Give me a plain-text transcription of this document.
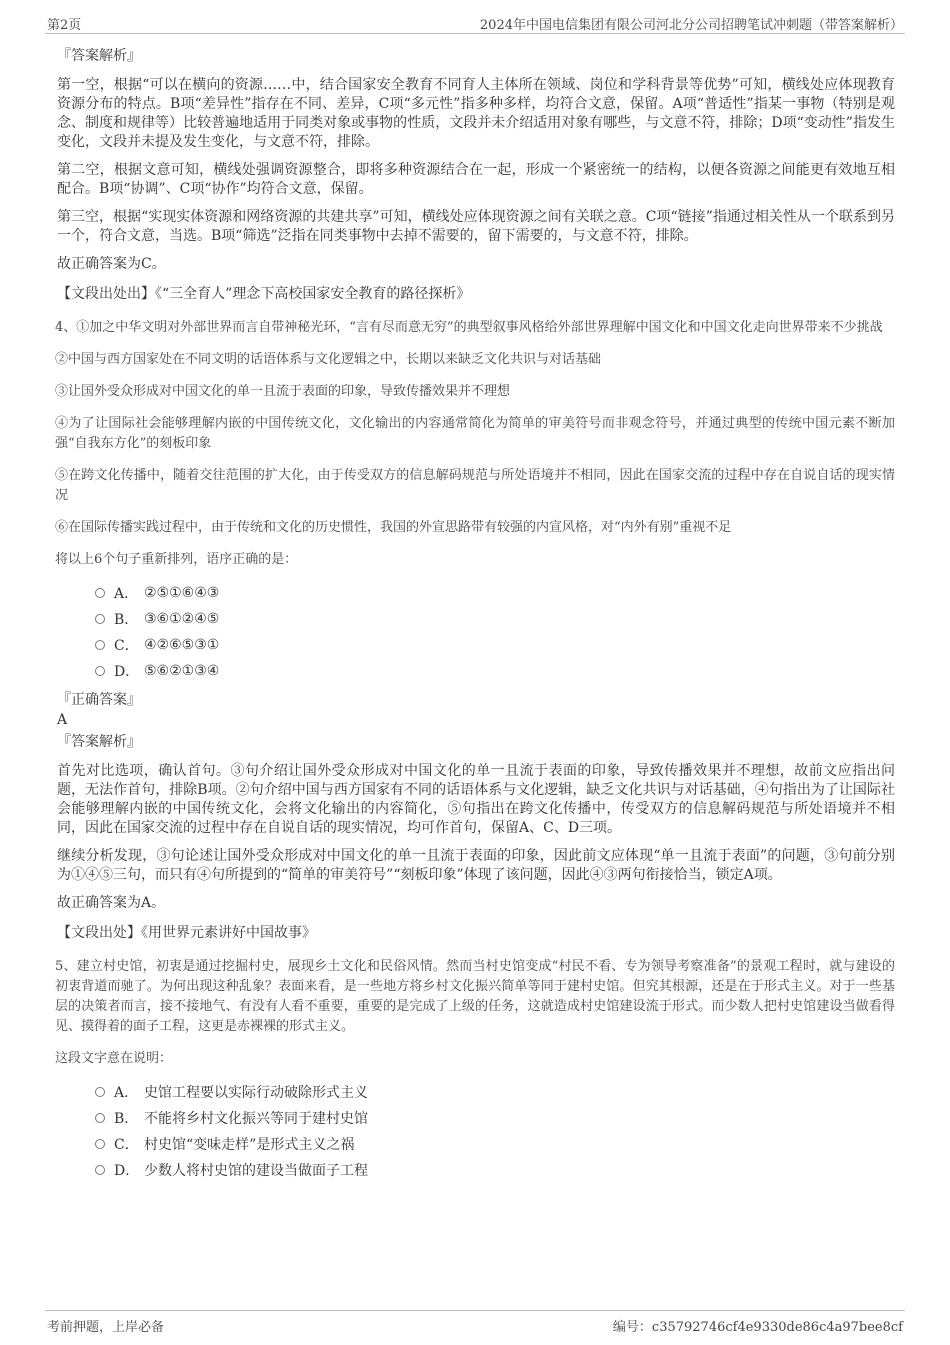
第2页	2024年中国电信集团有限公司河北分公司招聘笔试冲刺题（带答案解析）
『答案解析』

第一空，根据“可以在横向的资源……中，结合国家安全教育不同育人主体所在领域、岗位和学科背景等优势”可知，横线处应体现教育资源分布的特点。B项“差异性”指存在不同、差异，C项“多元性”指多种多样，均符合文意，保留。A项“普适性”指某一事物（特别是观念、制度和规律等）比较普遍地适用于同类对象或事物的性质，文段并未介绍适用对象有哪些，与文意不符，排除；D项“变动性”指发生变化，文段并未提及发生变化，与文意不符，排除。

第二空，根据文意可知，横线处强调资源整合，即将多种资源结合在一起，形成一个紧密统一的结构，以便各资源之间能更有效地互相配合。B项“协调”、C项“协作”均符合文意，保留。

第三空，根据“实现实体资源和网络资源的共建共享”可知，横线处应体现资源之间有关联之意。C项“链接”指通过相关性从一个联系到另一个，符合文意，当选。B项“筛选”泛指在同类事物中去掉不需要的，留下需要的，与文意不符，排除。

故正确答案为C。

【文段出处出】《“三全育人”理念下高校国家安全教育的路径探析》

4、①加之中华文明对外部世界而言自带神秘光环，“言有尽而意无穷”的典型叙事风格给外部世界理解中国文化和中国文化走向世界带来不少挑战

②中国与西方国家处在不同文明的话语体系与文化逻辑之中，长期以来缺乏文化共识与对话基础

③让国外受众形成对中国文化的单一且流于表面的印象，导致传播效果并不理想

④为了让国际社会能够理解内嵌的中国传统文化，文化输出的内容通常简化为简单的审美符号而非观念符号，并通过典型的传统中国元素不断加强“自我东方化”的刻板印象

⑤在跨文化传播中，随着交往范围的扩大化，由于传受双方的信息解码规范与所处语境并不相同，因此在国家交流的过程中存在自说自话的现实情况

⑥在国际传播实践过程中，由于传统和文化的历史惯性，我国的外宣思路带有较强的内宣风格，对“内外有别”重视不足

将以上6个句子重新排列，语序正确的是：

A． ②⑤①⑥④③
B． ③⑥①②④⑤
C． ④②⑥⑤③①
D． ⑤⑥②①③④
『正确答案』
A
『答案解析』

首先对比选项，确认首句。③句介绍让国外受众形成对中国文化的单一且流于表面的印象，导致传播效果并不理想，故前文应指出问题，无法作首句，排除B项。②句介绍中国与西方国家有不同的话语体系与文化逻辑，缺乏文化共识与对话基础，④句指出为了让国际社会能够理解内嵌的中国传统文化，会将文化输出的内容简化，⑤句指出在跨文化传播中，传受双方的信息解码规范与所处语境并不相同，因此在国家交流的过程中存在自说自话的现实情况，均可作首句，保留A、C、D三项。

继续分析发现，③句论述让国外受众形成对中国文化的单一且流于表面的印象，因此前文应体现“单一且流于表面”的问题，③句前分别为①④⑤三句，而只有④句所提到的“简单的审美符号”“刻板印象”体现了该问题，因此④③两句衔接恰当，锁定A项。

故正确答案为A。

【文段出处】《用世界元素讲好中国故事》

5、建立村史馆，初衷是通过挖掘村史，展现乡土文化和民俗风情。然而当村史馆变成“村民不看、专为领导考察准备”的景观工程时，就与建设的初衷背道而驰了。为何出现这种乱象？表面来看，是一些地方将乡村文化振兴简单等同于建村史馆。但究其根源，还是在于形式主义。对于一些基层的决策者而言，接不接地气、有没有人看不重要，重要的是完成了上级的任务，这就造成村史馆建设流于形式。而少数人把村史馆建设当做看得见、摸得着的面子工程，这更是赤裸裸的形式主义。

这段文字意在说明：

A． 史馆工程要以实际行动破除形式主义
B． 不能将乡村文化振兴等同于建村史馆
C． 村史馆“变味走样”是形式主义之祸
D． 少数人将村史馆的建设当做面子工程
考前押题，上岸必备	编号：c35792746cf4e9330de86c4a97bee8cf
